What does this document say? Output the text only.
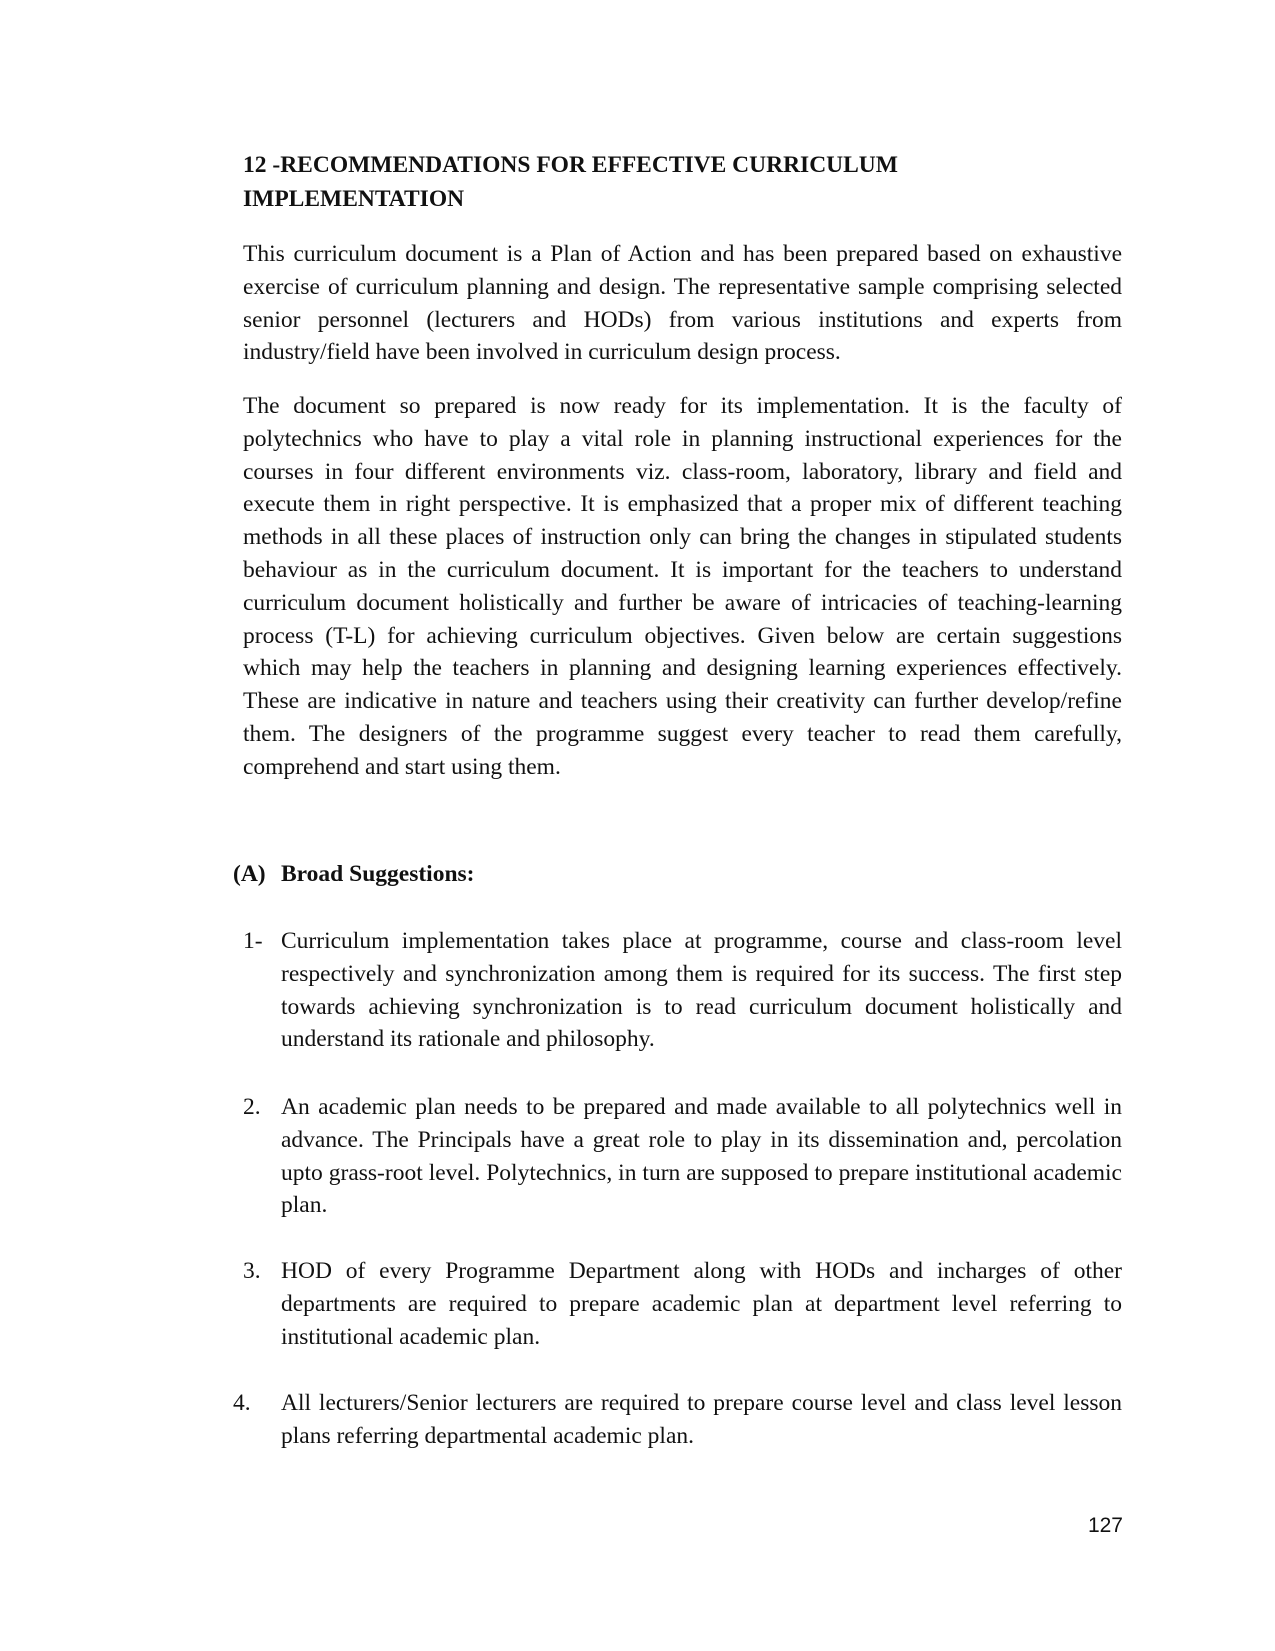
12 -RECOMMENDATIONS FOR EFFECTIVE CURRICULUM IMPLEMENTATION

This curriculum document is a Plan of Action and has been prepared based on exhaustive exercise of curriculum planning and design. The representative sample comprising selected senior personnel (lecturers and HODs) from various institutions and experts from industry/field have been involved in curriculum design process.

The document so prepared is now ready for its implementation. It is the faculty of polytechnics who have to play a vital role in planning instructional experiences for the courses in four different environments viz. class-room, laboratory, library and field and execute them in right perspective. It is emphasized that a proper mix of different teaching methods in all these places of instruction only can bring the changes in stipulated students behaviour as in the curriculum document. It is important for the teachers to understand curriculum document holistically and further be aware of intricacies of teaching-learning process (T-L) for achieving curriculum objectives. Given below are certain suggestions which may help the teachers in planning and designing learning experiences effectively. These are indicative in nature and teachers using their creativity can further develop/refine them. The designers of the programme suggest every teacher to read them carefully, comprehend and start using them.

(A) Broad Suggestions:
1- Curriculum implementation takes place at programme, course and class-room level respectively and synchronization among them is required for its success. The first step towards achieving synchronization is to read curriculum document holistically and understand its rationale and philosophy.
2. An academic plan needs to be prepared and made available to all polytechnics well in advance. The Principals have a great role to play in its dissemination and, percolation upto grass-root level. Polytechnics, in turn are supposed to prepare institutional academic plan.
3. HOD of every Programme Department along with HODs and incharges of other departments are required to prepare academic plan at department level referring to institutional academic plan.
4. All lecturers/Senior lecturers are required to prepare course level and class level lesson plans referring departmental academic plan.

127
